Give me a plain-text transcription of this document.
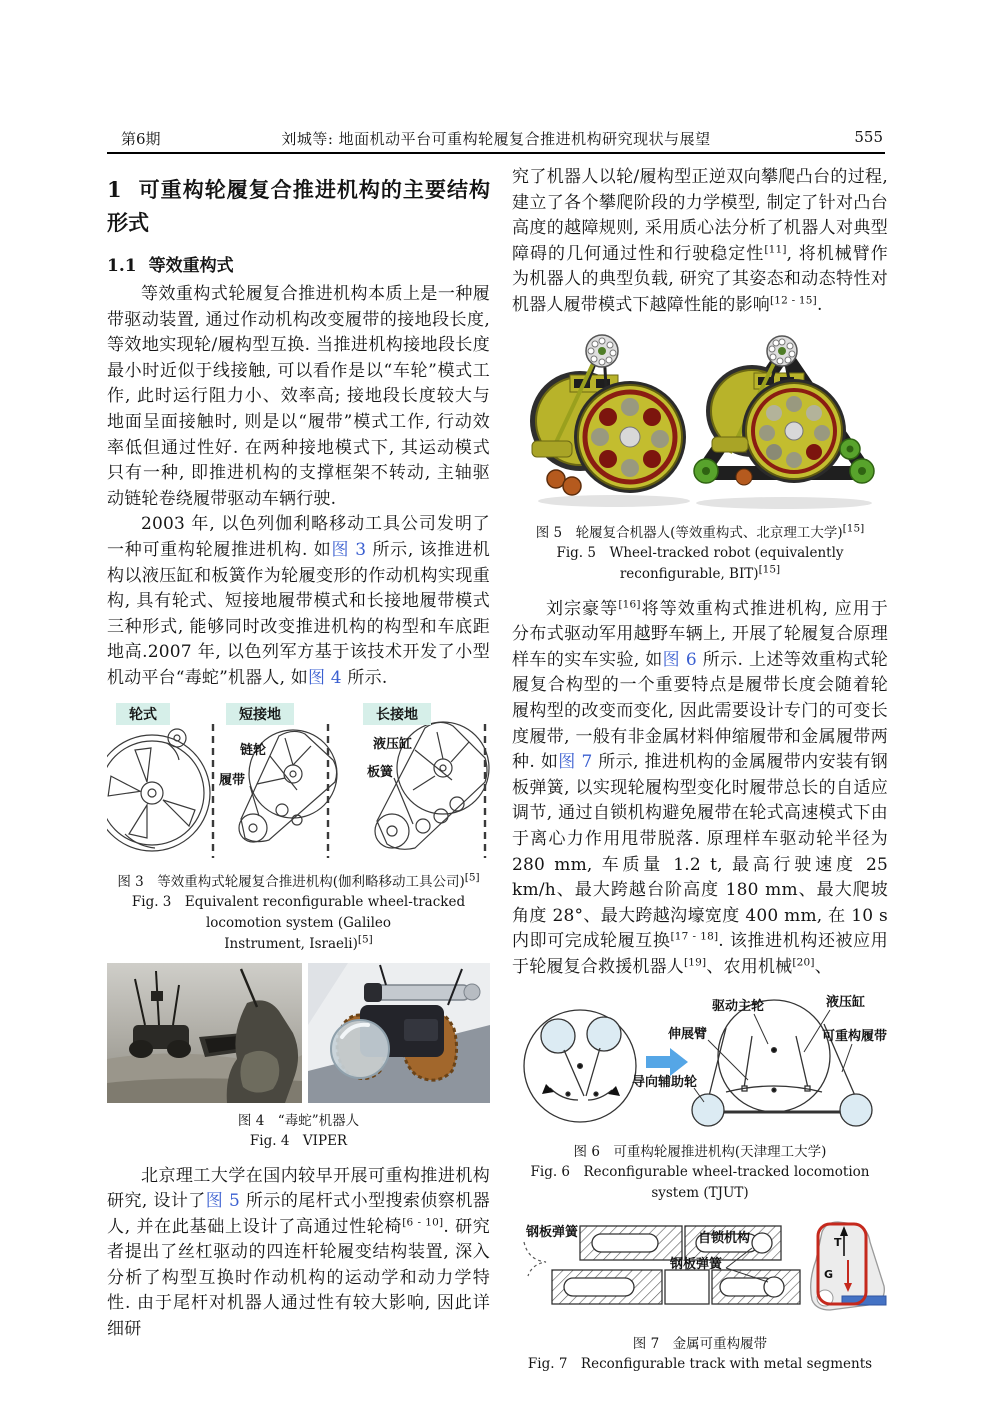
第6期	刘城等: 地面机动平台可重构轮履复合推进机构研究现状与展望	555
1 可重构轮履复合推进机构的主要结构形式
1.1 等效重构式

等效重构式轮履复合推进机构本质上是一种履带驱动装置, 通过作动机构改变履带的接地段长度, 等效地实现轮/履构型互换. 当推进机构接地段长度最小时近似于线接触, 可以看作是以“车轮”模式工作, 此时运行阻力小、效率高; 接地段长度较大与地面呈面接触时, 则是以“履带”模式工作, 行动效率低但通过性好. 在两种接地模式下, 其运动模式只有一种, 即推进机构的支撑框架不转动, 主轴驱动链轮卷绕履带驱动车辆行驶.

2003 年, 以色列伽利略移动工具公司发明了一种可重构轮履推进机构. 如图 3 所示, 该推进机构以液压缸和板簧作为轮履变形的作动机构实现重构, 具有轮式、短接地履带模式和长接地履带模式三种形式, 能够同时改变推进机构的构型和车底距地高.2007 年, 以色列军方基于该技术开发了小型机动平台“毒蛇”机器人, 如图 4 所示.

轮式	短接地	长接地
链轮
履带
液压缸
板簧
图 3　等效重构式轮履复合推进机构(伽利略移动工具公司)[5]
Fig. 3　Equivalent reconfigurable wheel-tracked locomotion system (Galileo
Instrument, Israeli)[5]
图 4　“毒蛇”机器人
Fig. 4　VIPER

北京理工大学在国内较早开展可重构推进机构研究, 设计了图 5 所示的尾杆式小型搜索侦察机器人, 并在此基础上设计了高通过性轮椅[6 - 10]. 研究者提出了丝杠驱动的四连杆轮履变结构装置, 深入分析了构型互换时作动机构的运动学和动力学特性. 由于尾杆对机器人通过性有较大影响, 因此详细研

究了机器人以轮/履构型正逆双向攀爬凸台的过程, 建立了各个攀爬阶段的力学模型, 制定了针对凸台高度的越障规则, 采用质心法分析了机器人对典型障碍的几何通过性和行驶稳定性[11], 将机械臂作为机器人的典型负载, 研究了其姿态和动态特性对机器人履带模式下越障性能的影响[12 - 15].

图 5　轮履复合机器人(等效重构式、北京理工大学)[15]
Fig. 5　Wheel-tracked robot (equivalently reconfigurable, BIT)[15]

刘宗豪等[16]将等效重构式推进机构, 应用于分布式驱动军用越野车辆上, 开展了轮履复合原理样车的实车实验, 如图 6 所示. 上述等效重构式轮履复合构型的一个重要特点是履带长度会随着轮履构型的改变而变化, 因此需要设计专门的可变长度履带, 一般有非金属材料伸缩履带和金属履带两种. 如图 7 所示, 推进机构的金属履带内安装有钢板弹簧, 以实现轮履构型变化时履带总长的自适应调节, 通过自锁机构避免履带在轮式高速模式下由于离心力作用甩带脱落. 原理样车驱动轮半径为 280 mm, 车质量 1.2 t, 最高行驶速度 25 km/h、最大跨越台阶高度 180 mm、最大爬坡角度 28°、最大跨越沟壕宽度 400 mm, 在 10 s 内即可完成轮履互换[17 - 18]. 该推进机构还被应用于轮履复合救援机器人[19]、农用机械[20]、

驱动主轮	液压缸
伸展臂	可重构履带
导向辅助轮
图 6　可重构轮履推进机构(天津理工大学)
Fig. 6　Reconfigurable wheel-tracked locomotion system (TJUT)
T
G
钢板弹簧
钢板弹簧
自锁机构
图 7　金属可重构履带
Fig. 7　Reconfigurable track with metal segments
